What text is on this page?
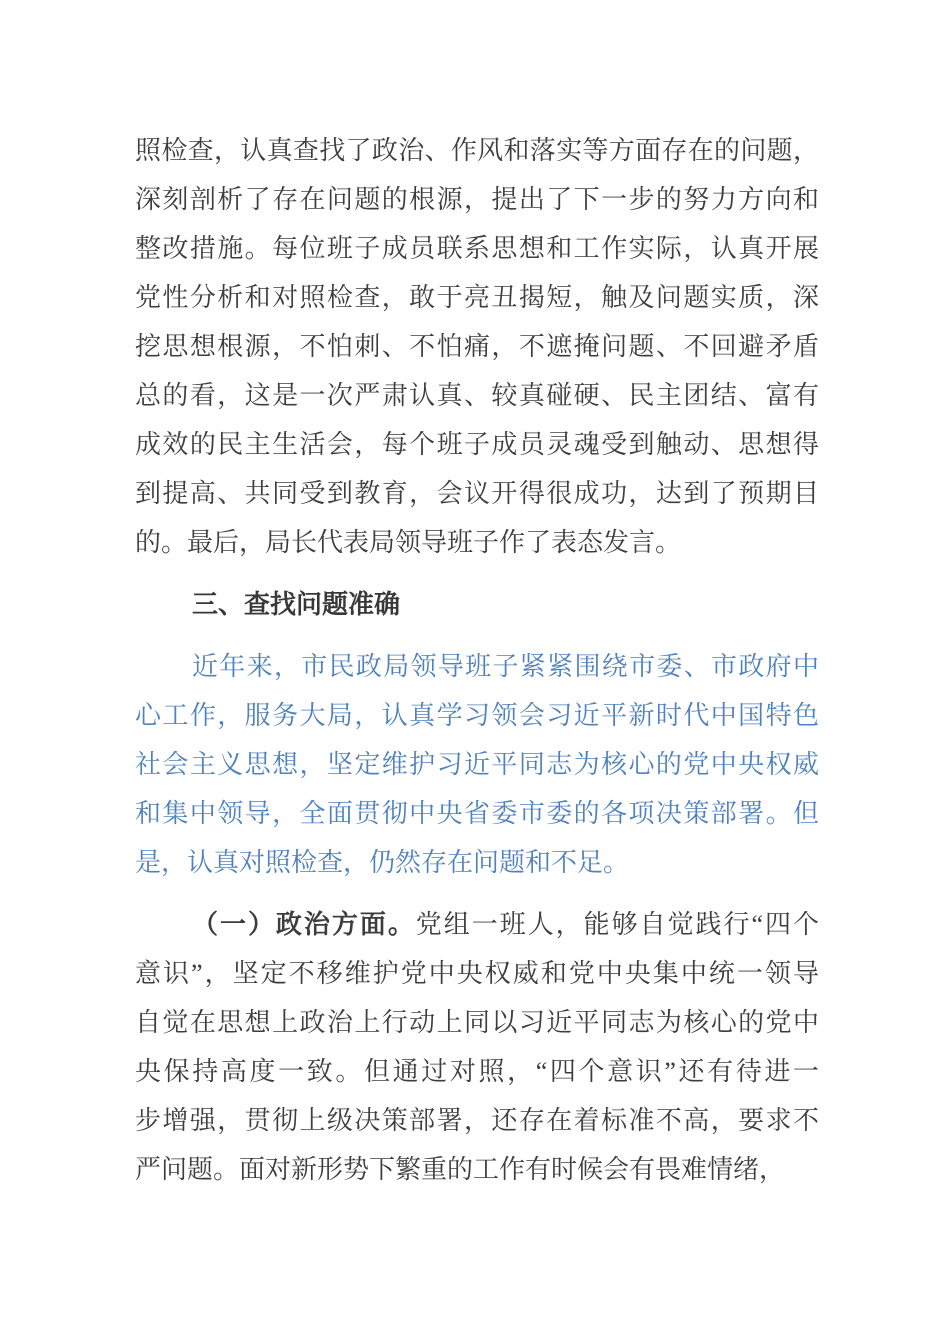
照检查，认真查找了政治、作风和落实等方面存在的问题，
深刻剖析了存在问题的根源，提出了下一步的努力方向和
整改措施。每位班子成员联系思想和工作实际，认真开展
党性分析和对照检查，敢于亮丑揭短，触及问题实质，深
挖思想根源，不怕刺、不怕痛，不遮掩问题、不回避矛盾
总的看，这是一次严肃认真、较真碰硬、民主团结、富有
成效的民主生活会，每个班子成员灵魂受到触动、思想得
到提高、共同受到教育，会议开得很成功，达到了预期目
的。最后，局长代表局领导班子作了表态发言。
三、查找问题准确
近年来，市民政局领导班子紧紧围绕市委、市政府中
心工作，服务大局，认真学习领会习近平新时代中国特色
社会主义思想，坚定维护习近平同志为核心的党中央权威
和集中领导，全面贯彻中央省委市委的各项决策部署。但
是，认真对照检查，仍然存在问题和不足。
（一）政治方面。党组一班人，能够自觉践行“四个
意识”，坚定不移维护党中央权威和党中央集中统一领导
自觉在思想上政治上行动上同以习近平同志为核心的党中
央保持高度一致。但通过对照，“四个意识”还有待进一
步增强，贯彻上级决策部署，还存在着标准不高，要求不
严问题。面对新形势下繁重的工作有时候会有畏难情绪，
